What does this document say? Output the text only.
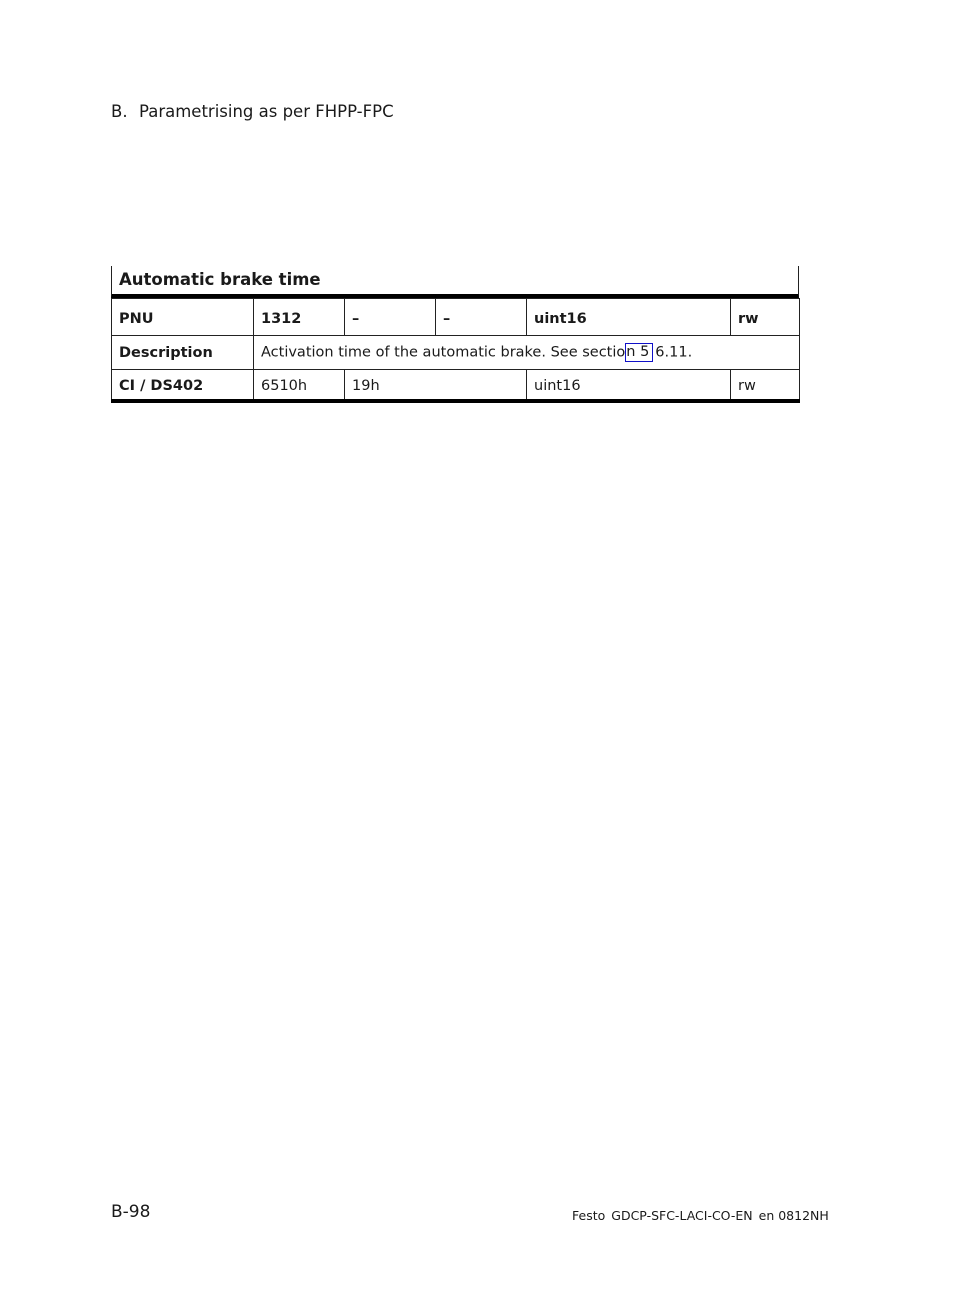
B. Parametrising as per FHPP-FPC
Automatic brake time
PNU	1312	–	–	uint16	rw
Description	Activation time of the automatic brake. See section 5 6.11.				
CI / DS402	6510h	19h		uint16	rw
B-98	Festo GDCP-SFC-LACI-CO-EN en 0812NH
